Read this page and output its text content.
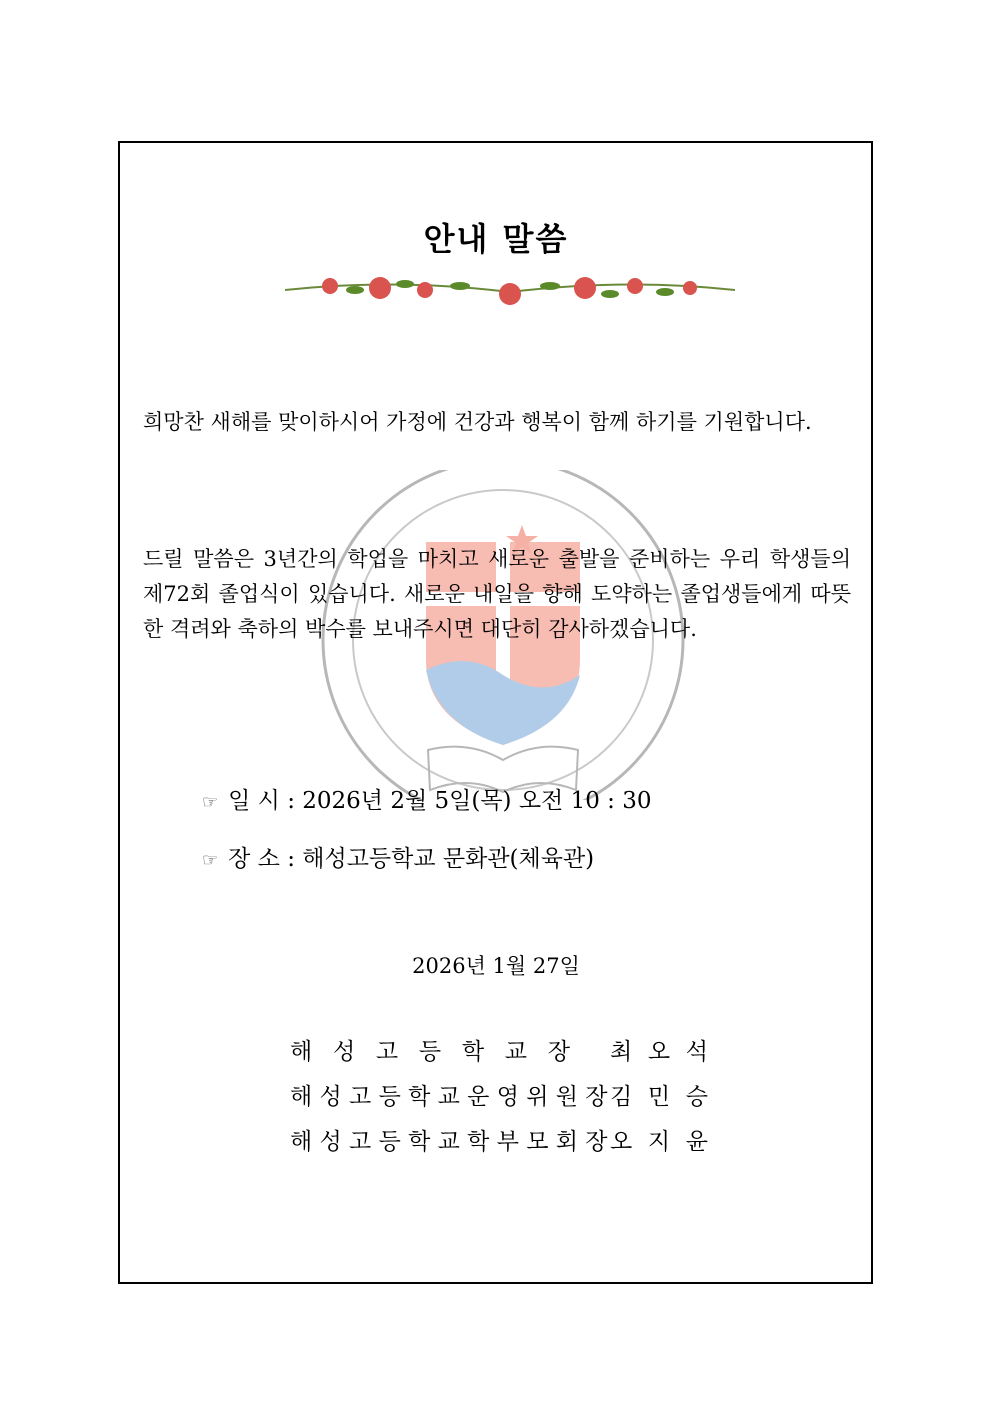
안내 말씀
희망찬 새해를 맞이하시어 가정에 건강과 행복이 함께 하기를 기원합니다.
드릴 말씀은 3년간의 학업을 마치고 새로운 출발을 준비하는 우리 학생들의 제72회 졸업식이 있습니다. 새로운 내일을 향해 도약하는 졸업생들에게 따뜻한 격려와 축하의 박수를 보내주시면 대단히 감사하겠습니다.
☞ 일 시 : 2026년 2월 5일(목) 오전 10 : 30
☞ 장 소 : 해성고등학교 문화관(체육관)
2026년 1월 27일
해 성 고 등 학 교 장 최 오 석
해 성 고 등 학 교 운 영 위 원 장 김 민 승
해 성 고 등 학 교 학 부 모 회 장 오 지 윤
